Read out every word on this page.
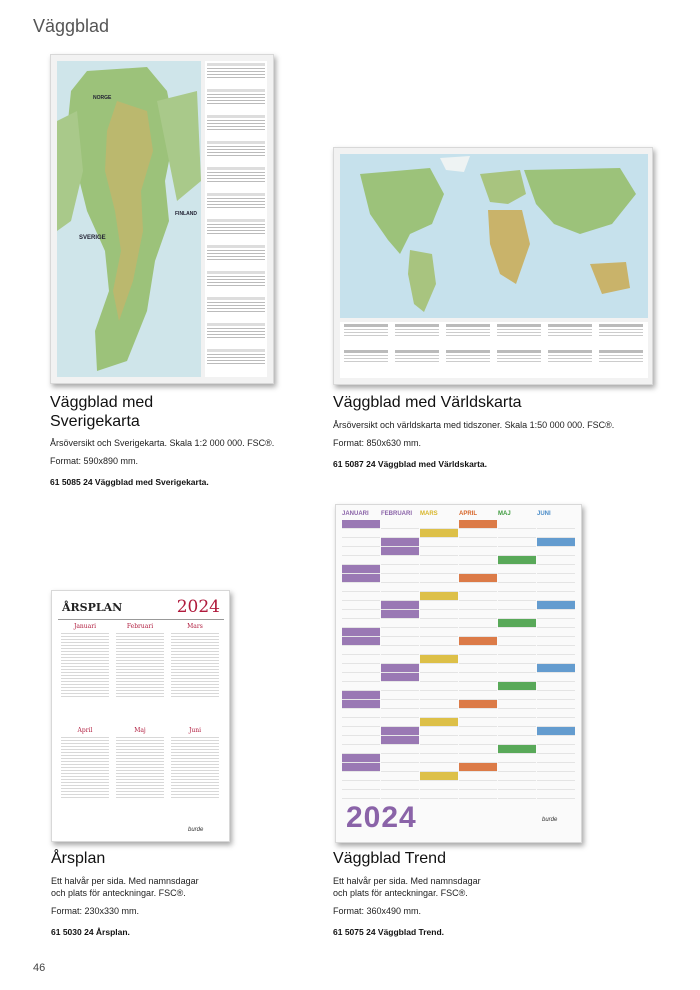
Väggblad
SVERIGE
NORGE
FINLAND
Väggblad med
Sverigekarta
Årsöversikt och Sverigekarta. Skala 1:2 000 000. FSC®.
Format: 590x890 mm.
61 5085 24 Väggblad med Sverigekarta.
Väggblad med Världskarta
Årsöversikt och världskarta med tidszoner. Skala 1:50 000 000. FSC®.
Format: 850x630 mm.
61 5087 24 Väggblad med Världskarta.
ÅRSPLAN	2024
Januari	Februari	Mars
April	Maj	Juni
burde
Årsplan
Ett halvår per sida. Med namnsdagar
och plats för anteckningar. FSC®.
Format: 230x330 mm.
61 5030 24 Årsplan.
JANUARI	FEBRUARI	MARS	APRIL	MAJ	JUNI
2024	burde
Väggblad Trend
Ett halvår per sida. Med namnsdagar
och plats för anteckningar. FSC®.
Format: 360x490 mm.
61 5075 24 Väggblad Trend.
46
